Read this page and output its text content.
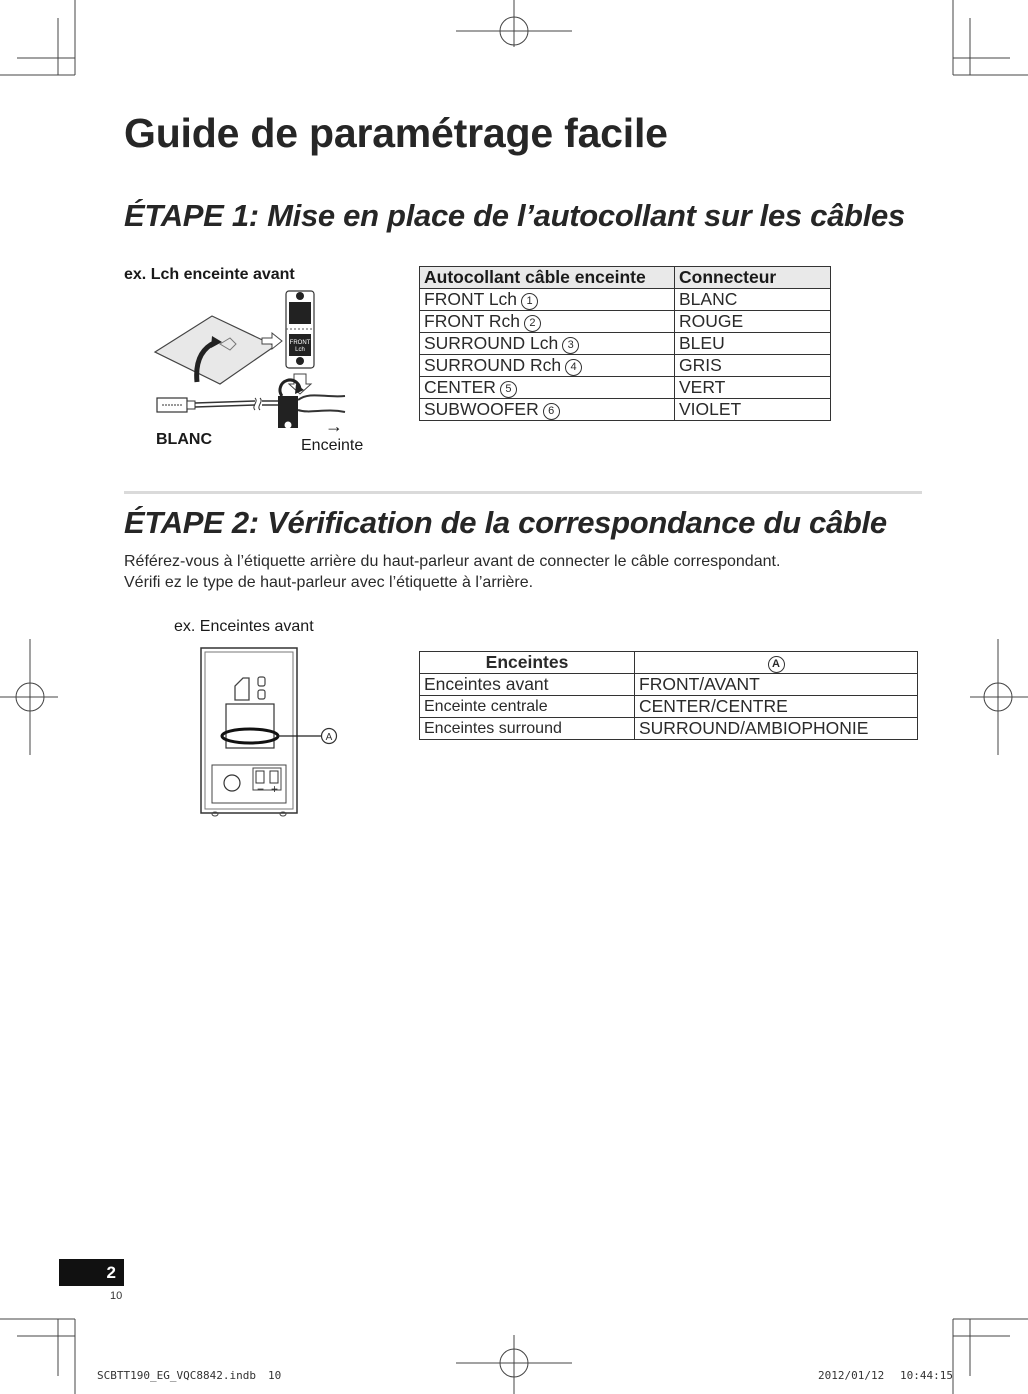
Guide de paramétrage facile
ÉTAPE 1: Mise en place de l’autocollant sur les câbles
ex. Lch enceinte avant
FRONT
Lch
BLANC
→
Enceinte
Autocollant câble enceinte	Connecteur
FRONT Lch 1	BLANC
FRONT Rch 2	ROUGE
SURROUND Lch 3	BLEU
SURROUND Rch 4	GRIS
CENTER 5	VERT
SUBWOOFER 6	VIOLET
ÉTAPE 2: Vérification de la correspondance du câble
Référez-vous à l’étiquette arrière du haut-parleur avant de connecter le câble correspondant.
Vérifi ez le type de haut-parleur avec l’étiquette à l’arrière.
ex. Enceintes avant
− +
A
Enceintes	A
Enceintes avant	FRONT/AVANT
Enceinte centrale	CENTER/CENTRE
Enceintes surround	SURROUND/AMBIOPHONIE
2
10
SCBTT190_EG_VQC8842.indb 10	2012/01/12 10:44:15
